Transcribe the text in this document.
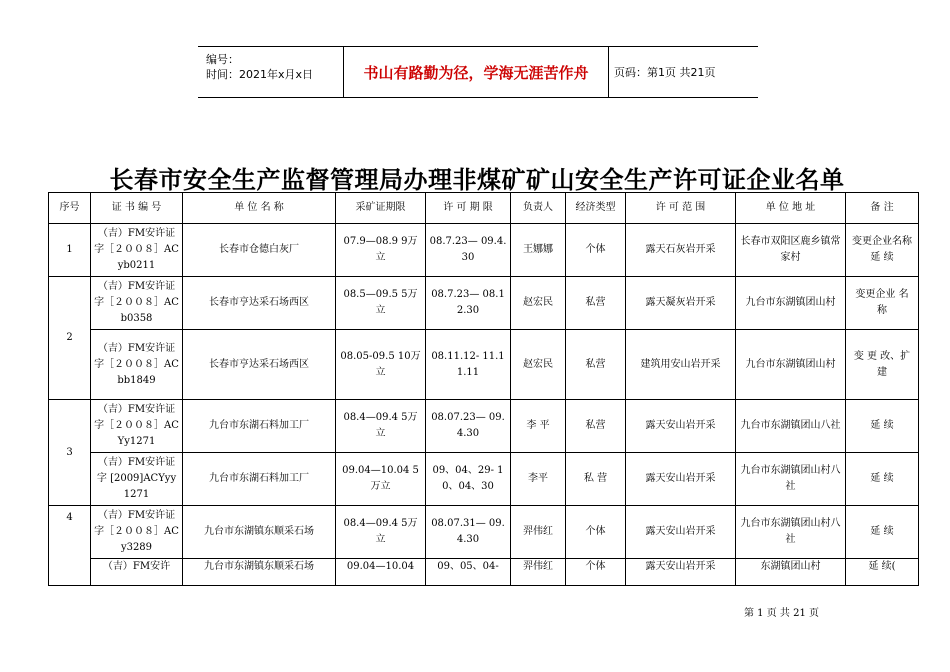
编号：
时间：2021年x月x日	书山有路勤为径，学海无涯苦作舟	页码：第1页 共21页
长春市安全生产监督管理局办理非煤矿矿山安全生产许可证企业名单
序号	证 书 编 号	单 位 名 称	采矿证期限	许 可 期 限	负责人	经济类型	许 可 范 围	单 位 地 址	备 注
1	（吉）FM安许证字［２００８］ACyb0211	长春市仓德白灰厂	07.9—08.9 9万立	08.7.23— 09.4.30	王娜娜	个体	露天石灰岩开采	长春市双阳区鹿乡镇常家村	变更企业名称 延 续
2	（吉）FM安许证字［２００８］ACb0358	长春市亨达采石场西区	08.5—09.5 5万立	08.7.23— 08.12.30	赵宏民	私营	露天凝灰岩开采	九台市东湖镇团山村	变更企业 名 称
	（吉）FM安许证字［２００８］AC bb1849	长春市亨达采石场西区	08.05-09.5 10万立	08.11.12- 11.11.11	赵宏民	私营	建筑用安山岩开采	九台市东湖镇团山村	变 更 改、扩建
3	（吉）FM安许证字［２００８］ACYy1271	九台市东湖石料加工厂	08.4—09.4 5万立	08.07.23— 09.4.30	李 平	私营	露天安山岩开采	九台市东湖镇团山八社	延 续
	（吉）FM安许证字 [2009]ACYyy1271	九台市东湖石料加工厂	09.04—10.04 5万立	09、04、29- 10、04、30	李平	私 营	露天安山岩开采	九台市东湖镇团山村八社	延 续
4	（吉）FM安许证字［２００８］ACy3289	九台市东湖镇东顺采石场	08.4—09.4 5万立	08.07.31— 09.4.30	羿伟红	个体	露天安山岩开采	九台市东湖镇团山村八社	延 续
	（吉）FM安许	九台市东湖镇东顺采石场	09.04—10.04	09、05、04-	羿伟红	个体	露天安山岩开采	东湖镇团山村	延 续(
第 1 页 共 21 页
